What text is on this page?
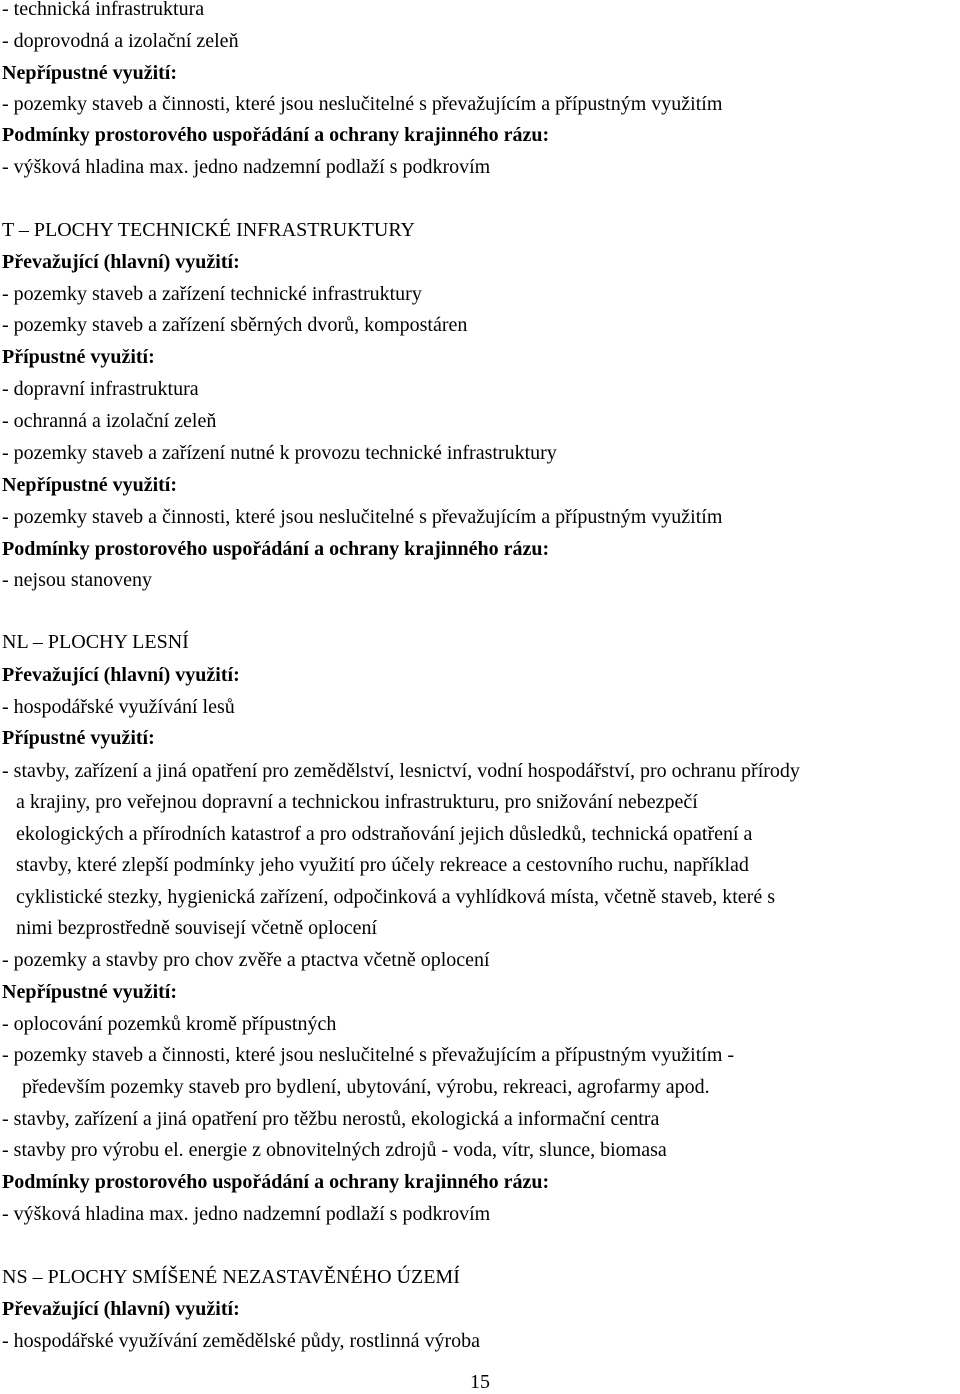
- technická infrastruktura
- doprovodná a izolační zeleň
Nepřípustné využití:
- pozemky staveb a činnosti, které jsou neslučitelné s převažujícím a přípustným využitím
Podmínky prostorového uspořádání a ochrany krajinného rázu:
- výšková hladina max. jedno nadzemní podlaží s podkrovím
T – PLOCHY TECHNICKÉ INFRASTRUKTURY
Převažující (hlavní) využití:
- pozemky staveb a zařízení technické infrastruktury
- pozemky staveb a zařízení sběrných dvorů, kompostáren
Přípustné využití:
- dopravní infrastruktura
- ochranná a izolační zeleň
- pozemky staveb a zařízení nutné k provozu technické infrastruktury
Nepřípustné využití:
- pozemky staveb a činnosti, které jsou neslučitelné s převažujícím a přípustným využitím
Podmínky prostorového uspořádání a ochrany krajinného rázu:
- nejsou stanoveny
NL – PLOCHY LESNÍ
Převažující (hlavní) využití:
- hospodářské využívání lesů
Přípustné využití:
- stavby, zařízení a jiná opatření pro zemědělství, lesnictví, vodní hospodářství, pro ochranu přírody
a krajiny, pro veřejnou dopravní a technickou infrastrukturu, pro snižování nebezpečí
ekologických a přírodních katastrof a pro odstraňování jejich důsledků, technická opatření a
stavby, které zlepší podmínky jeho využití pro účely rekreace a cestovního ruchu, například
cyklistické stezky, hygienická zařízení, odpočinková a vyhlídková místa, včetně staveb, které s
nimi bezprostředně souvisejí včetně oplocení
- pozemky a stavby pro chov zvěře a ptactva včetně oplocení
Nepřípustné využití:
- oplocování pozemků kromě přípustných
- pozemky staveb a činnosti, které jsou neslučitelné s převažujícím a přípustným využitím -
především pozemky staveb pro bydlení, ubytování, výrobu, rekreaci, agrofarmy apod.
- stavby, zařízení a jiná opatření pro těžbu nerostů, ekologická a informační centra
- stavby pro výrobu el. energie z obnovitelných zdrojů - voda, vítr, slunce, biomasa
Podmínky prostorového uspořádání a ochrany krajinného rázu:
- výšková hladina max. jedno nadzemní podlaží s podkrovím
NS – PLOCHY SMÍŠENÉ NEZASTAVĚNÉHO ÚZEMÍ
Převažující (hlavní) využití:
- hospodářské využívání zemědělské půdy, rostlinná výroba
15
